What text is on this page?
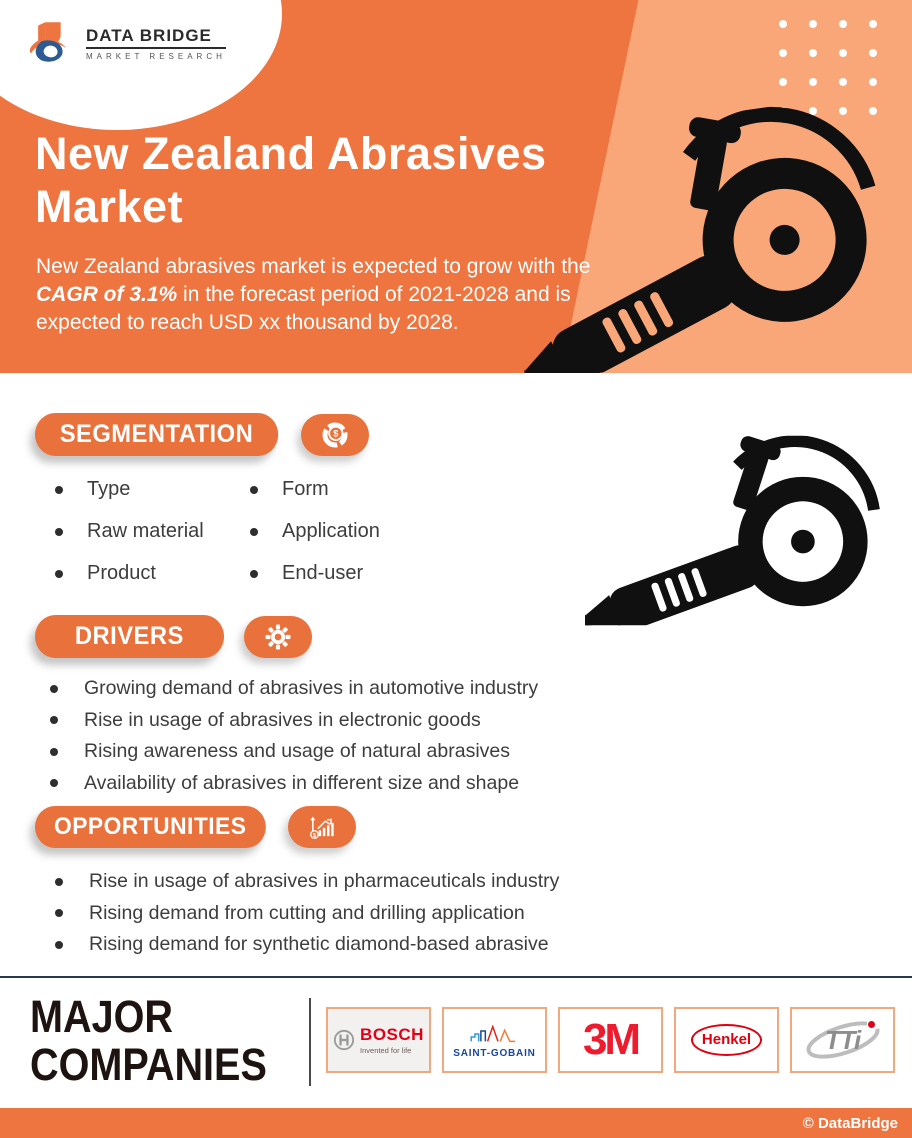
DATA BRIDGE
MARKET RESEARCH
New Zealand Abrasives Market

New Zealand abrasives market is expected to grow with the CAGR of 3.1% in the forecast period of 2021-2028 and is expected to reach USD xx thousand by 2028.

SEGMENTATION	$
Type	Form
Raw material	Application
Product	End-user
DRIVERS
Growing demand of abrasives in automotive industry
Rise in usage of abrasives in electronic goods
Rising awareness and usage of natural abrasives
Availability of abrasives in different size and shape
OPPORTUNITIES	$
Rise in usage of abrasives in pharmaceuticals industry
Rising demand from cutting and drilling application
Rising demand for synthetic diamond-based abrasive
MAJOR
COMPANIES
BOSCH
Invented for life	SAINT-GOBAIN 3M	Henkel	TTi
© DataBridge
